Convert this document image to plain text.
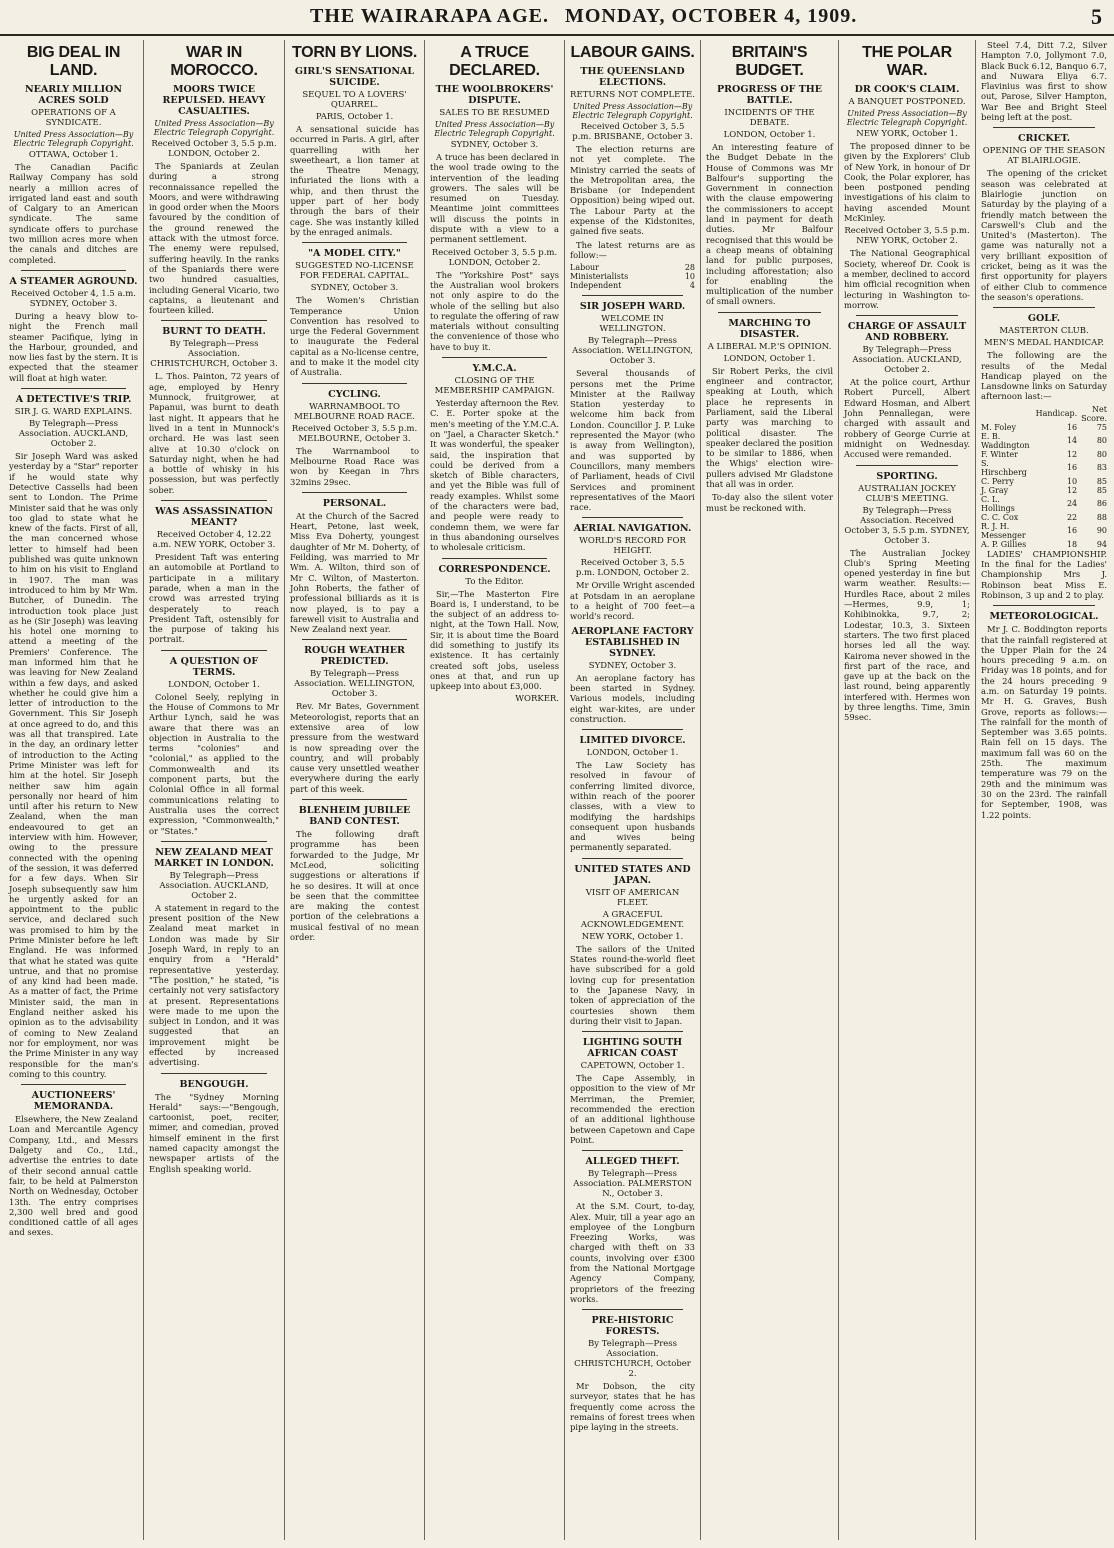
THE WAIRARAPA AGE. MONDAY, OCTOBER 4, 1909.	5
BIG DEAL IN LAND.
NEARLY MILLION ACRES SOLD
OPERATIONS OF A SYNDICATE.
United Press Association—By Electric Telegraph Copyright.
OTTAWA, October 1.

The Canadian Pacific Railway Company has sold nearly a million acres of irrigated land east and south of Calgary to an American syndicate. The same syndicate offers to purchase two million acres more when the canals and ditches are completed.

A STEAMER AGROUND.
Received October 4, 1.5 a.m. SYDNEY, October 3.

During a heavy blow to-night the French mail steamer Pacifique, lying in the Harbour, grounded, and now lies fast by the stern. It is expected that the steamer will float at high water.

A DETECTIVE'S TRIP.
SIR J. G. WARD EXPLAINS.
By Telegraph—Press Association. AUCKLAND, October 2.

Sir Joseph Ward was asked yesterday by a "Star" reporter if he would state why Detective Cassells had been sent to London. The Prime Minister said that he was only too glad to state what he knew of the facts. First of all, the man concerned whose letter to himself had been published was quite unknown to him on his visit to England in 1907. The man was introduced to him by Mr Wm. Butcher, of Dunedin. The introduction took place just as he (Sir Joseph) was leaving his hotel one morning to attend a meeting of the Premiers' Conference. The man informed him that he was leaving for New Zealand within a few days, and asked whether he could give him a letter of introduction to the Government. This Sir Joseph at once agreed to do, and this was all that transpired. Late in the day, an ordinary letter of introduction to the Acting Prime Minister was left for him at the hotel. Sir Joseph neither saw him again personally nor heard of him until after his return to New Zealand, when the man endeavoured to get an interview with him. However, owing to the pressure connected with the opening of the session, it was deferred for a few days. When Sir Joseph subsequently saw him he urgently asked for an appointment to the public service, and declared such was promised to him by the Prime Minister before he left England. He was informed that what he stated was quite untrue, and that no promise of any kind had been made. As a matter of fact, the Prime Minister said, the man in England neither asked his opinion as to the advisability of coming to New Zealand nor for employment, nor was the Prime Minister in any way responsible for the man's coming to this country.

AUCTIONEERS' MEMORANDA.

Elsewhere, the New Zealand Loan and Mercantile Agency Company, Ltd., and Messrs Dalgety and Co., Ltd., advertise the entries to date of their second annual cattle fair, to be held at Palmerston North on Wednesday, October 13th. The entry comprises 2,300 well bred and good conditioned cattle of all ages and sexes.

WAR IN MOROCCO.
MOORS TWICE REPULSED. HEAVY CASUALTIES.
United Press Association—By Electric Telegraph Copyright.
Received October 3, 5.5 p.m. LONDON, October 2.

The Spaniards at Zeulan during a strong reconnaissance repelled the Moors, and were withdrawing in good order when the Moors favoured by the condition of the ground renewed the attack with the utmost force. The enemy were repulsed, suffering heavily. In the ranks of the Spaniards there were two hundred casualties, including General Vicario, two captains, a lieutenant and fourteen killed.

BURNT TO DEATH.
By Telegraph—Press Association. CHRISTCHURCH, October 3.

L. Thos. Painton, 72 years of age, employed by Henry Munnock, fruitgrower, at Papanui, was burnt to death last night. It appears that he lived in a tent in Munnock's orchard. He was last seen alive at 10.30 o'clock on Saturday night, when he had a bottle of whisky in his possession, but was perfectly sober.

WAS ASSASSINATION MEANT?
Received October 4, 12.22 a.m. NEW YORK, October 3.

President Taft was entering an automobile at Portland to participate in a military parade, when a man in the crowd was arrested trying desperately to reach President Taft, ostensibly for the purpose of taking his portrait.

A QUESTION OF TERMS.
LONDON, October 1.

Colonel Seely, replying in the House of Commons to Mr Arthur Lynch, said he was aware that there was an objection in Australia to the terms "colonies" and "colonial," as applied to the Commonwealth and its component parts, but the Colonial Office in all formal communications relating to Australia uses the correct expression, "Commonwealth," or "States."

NEW ZEALAND MEAT MARKET IN LONDON.
By Telegraph—Press Association. AUCKLAND, October 2.

A statement in regard to the present position of the New Zealand meat market in London was made by Sir Joseph Ward, in reply to an enquiry from a "Herald" representative yesterday. "The position," he stated, "is certainly not very satisfactory at present. Representations were made to me upon the subject in London, and it was suggested that an improvement might be effected by increased advertising.

BENGOUGH.

The "Sydney Morning Herald" says:—"Bengough, cartoonist, poet, reciter, mimer, and comedian, proved himself eminent in the first named capacity amongst the newspaper artists of the English speaking world.

TORN BY LIONS.
GIRL'S SENSATIONAL SUICIDE.
SEQUEL TO A LOVERS' QUARREL.
PARIS, October 1.

A sensational suicide has occurred in Paris. A girl, after quarrelling with her sweetheart, a lion tamer at the Theatre Menagy, infuriated the lions with a whip, and then thrust the upper part of her body through the bars of their cage. She was instantly killed by the enraged animals.

"A MODEL CITY."
SUGGESTED NO-LICENSE FOR FEDERAL CAPITAL.
SYDNEY, October 3.

The Women's Christian Temperance Union Convention has resolved to urge the Federal Government to inaugurate the Federal capital as a No-license centre, and to make it the model city of Australia.

CYCLING.
WARRNAMBOOL TO MELBOURNE ROAD RACE.
Received October 3, 5.5 p.m. MELBOURNE, October 3.

The Warrnambool to Melbourne Road Race was won by Keegan in 7hrs 32mins 29sec.

PERSONAL.

At the Church of the Sacred Heart, Petone, last week, Miss Eva Doherty, youngest daughter of Mr M. Doherty, of Feilding, was married to Mr Wm. A. Wilton, third son of Mr C. Wilton, of Masterton. John Roberts, the father of professional billiards as it is now played, is to pay a farewell visit to Australia and New Zealand next year.

ROUGH WEATHER PREDICTED.
By Telegraph—Press Association. WELLINGTON, October 3.

Rev. Mr Bates, Government Meteorologist, reports that an extensive area of low pressure from the westward is now spreading over the country, and will probably cause very unsettled weather everywhere during the early part of this week.

BLENHEIM JUBILEE BAND CONTEST.

The following draft programme has been forwarded to the Judge, Mr McLeod, soliciting suggestions or alterations if he so desires. It will at once be seen that the committee are making the contest portion of the celebrations a musical festival of no mean order.

A TRUCE DECLARED.
THE WOOLBROKERS' DISPUTE.
SALES TO BE RESUMED
United Press Association—By Electric Telegraph Copyright.
SYDNEY, October 3.

A truce has been declared in the wool trade owing to the intervention of the leading growers. The sales will be resumed on Tuesday. Meantime joint committees will discuss the points in dispute with a view to a permanent settlement.

Received October 3, 5.5 p.m. LONDON, October 2.

The "Yorkshire Post" says the Australian wool brokers not only aspire to do the whole of the selling but also to regulate the offering of raw materials without consulting the convenience of those who have to buy it.

Y.M.C.A.
CLOSING OF THE MEMBERSHIP CAMPAIGN.

Yesterday afternoon the Rev. C. E. Porter spoke at the men's meeting of the Y.M.C.A. on "Jael, a Character Sketch." It was wonderful, the speaker said, the inspiration that could be derived from a sketch of Bible characters, and yet the Bible was full of ready examples. Whilst some of the characters were bad, and people were ready to condemn them, we were far in thus abandoning ourselves to wholesale criticism.

CORRESPONDENCE.
To the Editor.

Sir,—The Masterton Fire Board is, I understand, to be the subject of an address to-night, at the Town Hall. Now, Sir, it is about time the Board did something to justify its existence. It has certainly created soft jobs, useless ones at that, and run up upkeep into about £3,000.

WORKER.
LABOUR GAINS.
THE QUEENSLAND ELECTIONS.
RETURNS NOT COMPLETE.
United Press Association—By Electric Telegraph Copyright.
Received October 3, 5.5 p.m. BRISBANE, October 3.

The election returns are not yet complete. The Ministry carried the seats of the Metropolitan area, the Brisbane (or Independent Opposition) being wiped out. The Labour Party at the expense of the Kidstonites, gained five seats.

The latest returns are as follow:—

Labour	28
Ministerialists	10
Independent	4
SIR JOSEPH WARD.
WELCOME IN WELLINGTON.
By Telegraph—Press Association. WELLINGTON, October 3.

Several thousands of persons met the Prime Minister at the Railway Station yesterday to welcome him back from London. Councillor J. P. Luke represented the Mayor (who is away from Wellington), and was supported by Councillors, many members of Parliament, heads of Civil Services and prominent representatives of the Maori race.

AERIAL NAVIGATION.
WORLD'S RECORD FOR HEIGHT.
Received October 3, 5.5 p.m. LONDON, October 2.

Mr Orville Wright ascended at Potsdam in an aeroplane to a height of 700 feet—a world's record.

AEROPLANE FACTORY ESTABLISHED IN SYDNEY.
SYDNEY, October 3.

An aeroplane factory has been started in Sydney. Various models, including eight war-kites, are under construction.

LIMITED DIVORCE.
LONDON, October 1.

The Law Society has resolved in favour of conferring limited divorce, within reach of the poorer classes, with a view to modifying the hardships consequent upon husbands and wives being permanently separated.

UNITED STATES AND JAPAN.
VISIT OF AMERICAN FLEET.
A GRACEFUL ACKNOWLEDGEMENT.
NEW YORK, October 1.

The sailors of the United States round-the-world fleet have subscribed for a gold loving cup for presentation to the Japanese Navy, in token of appreciation of the courtesies shown them during their visit to Japan.

LIGHTING SOUTH AFRICAN COAST
CAPETOWN, October 1.

The Cape Assembly, in opposition to the view of Mr Merriman, the Premier, recommended the erection of an additional lighthouse between Capetown and Cape Point.

ALLEGED THEFT.
By Telegraph—Press Association. PALMERSTON N., October 3.

At the S.M. Court, to-day, Alex. Muir, till a year ago an employee of the Longburn Freezing Works, was charged with theft on 33 counts, involving over £300 from the National Mortgage Agency Company, proprietors of the freezing works.

PRE-HISTORIC FORESTS.
By Telegraph—Press Association. CHRISTCHURCH, October 2.

Mr Dobson, the city surveyor, states that he has frequently come across the remains of forest trees when pipe laying in the streets.

BRITAIN'S BUDGET.
PROGRESS OF THE BATTLE.
INCIDENTS OF THE DEBATE.
LONDON, October 1.

An interesting feature of the Budget Debate in the House of Commons was Mr Balfour's supporting the Government in connection with the clause empowering the commissioners to accept land in payment for death duties. Mr Balfour recognised that this would be a cheap means of obtaining land for public purposes, including afforestation; also for enabling the multiplication of the number of small owners.

MARCHING TO DISASTER.
A LIBERAL M.P.'S OPINION.
LONDON, October 1.

Sir Robert Perks, the civil engineer and contractor, speaking at Louth, which place he represents in Parliament, said the Liberal party was marching to political disaster. The speaker declared the position to be similar to 1886, when the Whigs' election wire-pullers advised Mr Gladstone that all was in order.

To-day also the silent voter must be reckoned with.

THE POLAR WAR.
DR COOK'S CLAIM.
A BANQUET POSTPONED.
United Press Association—By Electric Telegraph Copyright.
NEW YORK, October 1.

The proposed dinner to be given by the Explorers' Club of New York, in honour of Dr Cook, the Polar explorer, has been postponed pending investigations of his claim to having ascended Mount McKinley.

Received October 3, 5.5 p.m. NEW YORK, October 2.

The National Geographical Society, whereof Dr. Cook is a member, declined to accord him official recognition when lecturing in Washington to-morrow.

CHARGE OF ASSAULT AND ROBBERY.
By Telegraph—Press Association. AUCKLAND, October 2.

At the police court, Arthur Robert Purcell, Albert Edward Hosman, and Albert John Pennallegan, were charged with assault and robbery of George Currie at midnight on Wednesday. Accused were remanded.

SPORTING.
AUSTRALIAN JOCKEY CLUB'S MEETING.
By Telegraph—Press Association. Received October 3, 5.5 p.m. SYDNEY, October 3.

The Australian Jockey Club's Spring Meeting opened yesterday in fine but warm weather. Results:— Hurdles Race, about 2 miles—Hermes, 9.9, 1; Kohibinokka, 9.7, 2; Lodestar, 10.3, 3. Sixteen starters. The two first placed horses led all the way. Kairoma never showed in the first part of the race, and gave up at the back on the last round, being apparently interfered with. Hermes won by three lengths. Time, 3min 59sec.

Steel 7.4, Ditt 7.2, Silver Hampton 7.0, Jollymont 7.0, Black Buck 6.12, Banquo 6.7, and Nuwara Eliya 6.7. Flavinius was first to show out, Parose, Silver Hampton, War Bee and Bright Steel being left at the post.

CRICKET.
OPENING OF THE SEASON AT BLAIRLOGIE.

The opening of the cricket season was celebrated at Blairlogie junction on Saturday by the playing of a friendly match between the Carswell's Club and the United's (Masterton). The game was naturally not a very brilliant exposition of cricket, being as it was the first opportunity for players of either Club to commence the season's operations.

GOLF.
MASTERTON CLUB.
MEN'S MEDAL HANDICAP.

The following are the results of the Medal Handicap played on the Lansdowne links on Saturday afternoon last:—

	Handicap.	Net Score.
M. Foley	16	75
E. B. Waddington	14	80
F. Winter	12	80
S. Hirschberg	16	83
C. Perry	10	85
J. Gray	12	85
C. L. Hollings	24	86
C. C. Cox	22	88
R. J. H. Messenger	16	90
A. P. Gillies	18	94

LADIES' CHAMPIONSHIP. In the final for the Ladies' Championship Mrs J. Robinson beat Miss E. Robinson, 3 up and 2 to play.

METEOROLOGICAL.

Mr J. C. Boddington reports that the rainfall registered at the Upper Plain for the 24 hours preceding 9 a.m. on Friday was 18 points, and for the 24 hours preceding 9 a.m. on Saturday 19 points. Mr H. G. Graves, Bush Grove, reports as follows:—The rainfall for the month of September was 3.65 points. Rain fell on 15 days. The maximum fall was 60 on the 25th. The maximum temperature was 79 on the 29th and the minimum was 30 on the 23rd. The rainfall for September, 1908, was 1.22 points.
